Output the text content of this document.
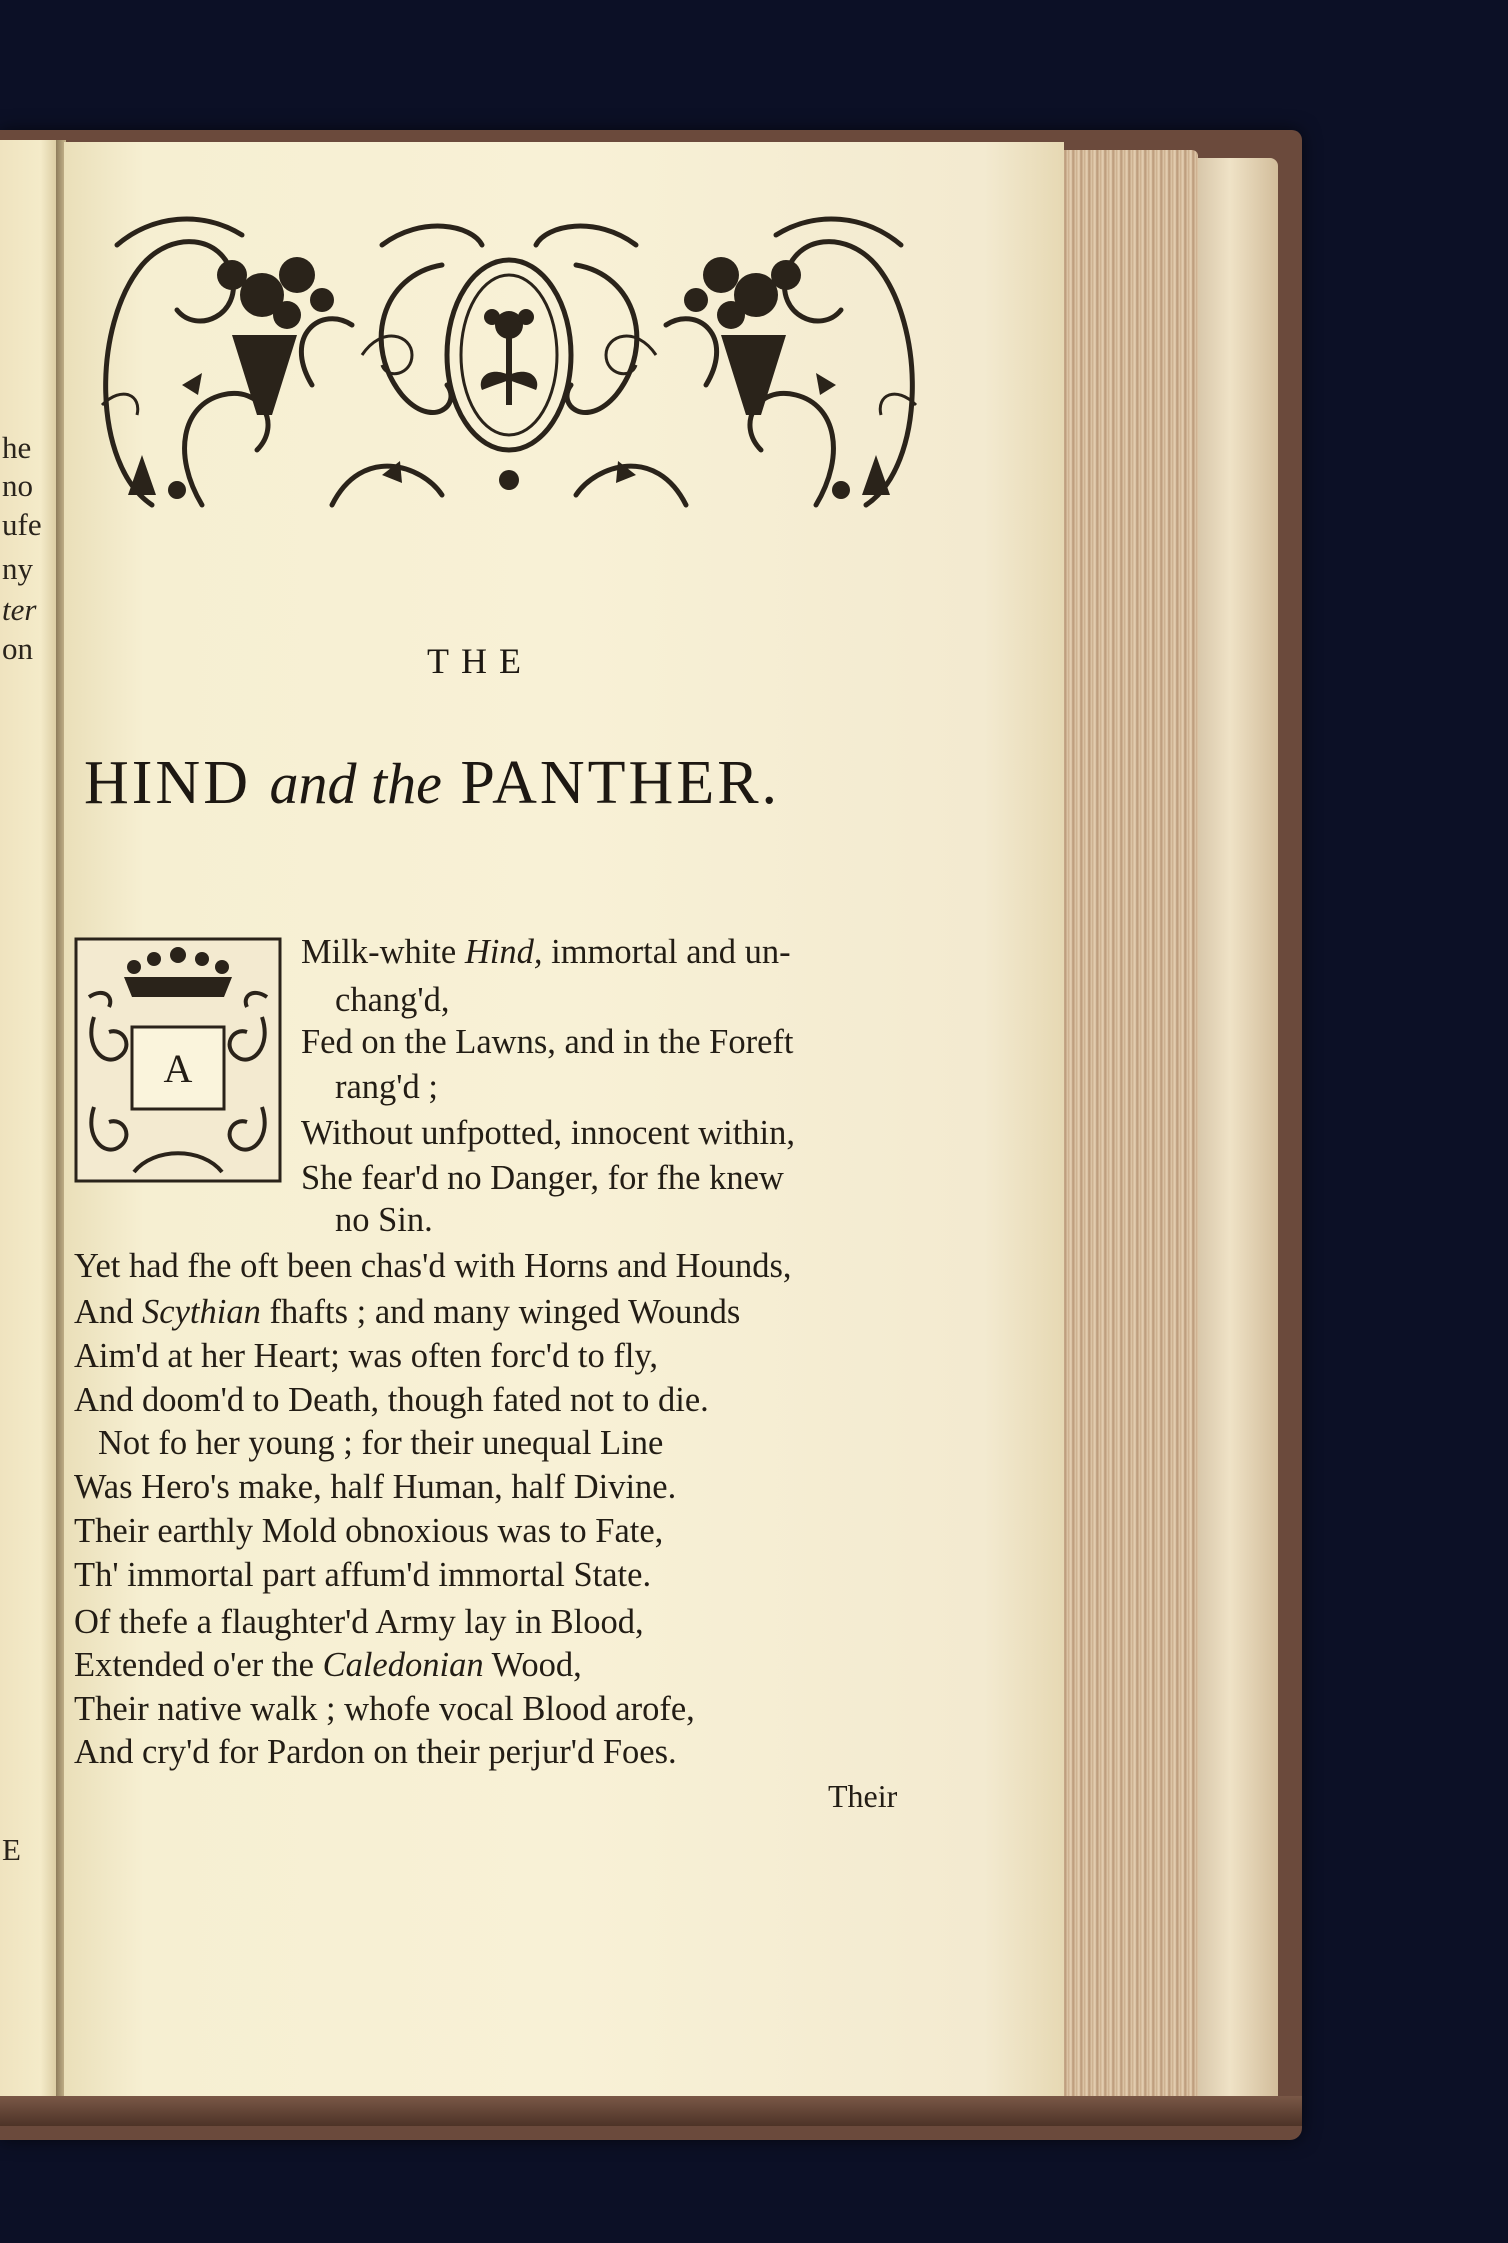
he
no
ufe
ny
ter
on
E
THE
HIND and the PANTHER.
A
Milk-white Hind, immortal and un-
chang'd,
Fed on the Lawns, and in the Foreft
rang'd ;
Without unfpotted, innocent within,
She fear'd no Danger, for fhe knew
no Sin.
Yet had fhe oft been chas'd with Horns and Hounds,
And Scythian fhafts ; and many winged Wounds
Aim'd at her Heart; was often forc'd to fly,
And doom'd to Death, though fated not to die.
Not fo her young ; for their unequal Line
Was Hero's make, half Human, half Divine.
Their earthly Mold obnoxious was to Fate,
Th' immortal part affum'd immortal State.
Of thefe a flaughter'd Army lay in Blood,
Extended o'er the Caledonian Wood,
Their native walk ; whofe vocal Blood arofe,
And cry'd for Pardon on their perjur'd Foes.
Their
